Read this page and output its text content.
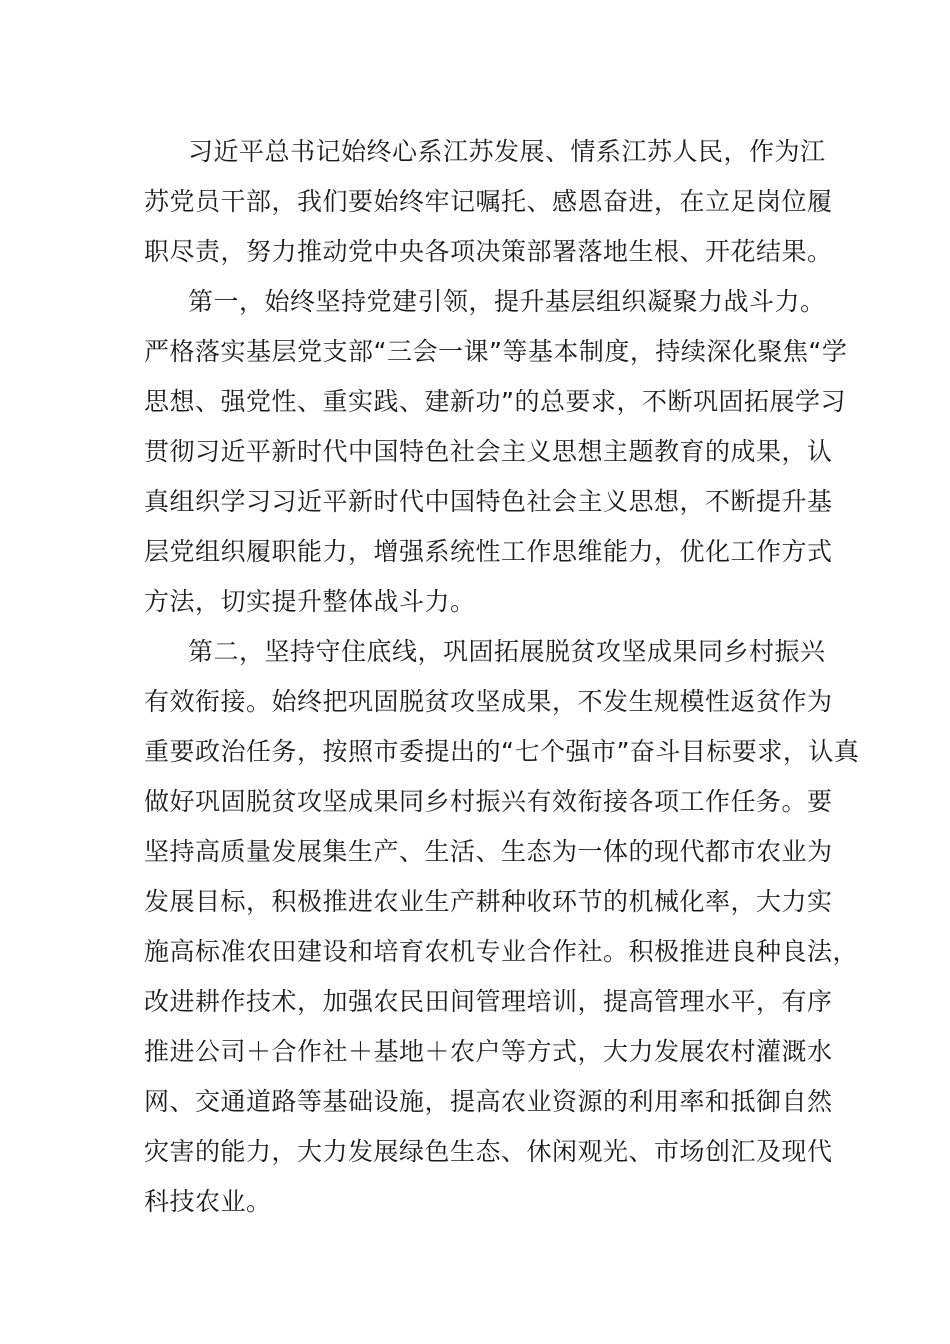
习近平总书记始终心系江苏发展、情系江苏人民，作为江
苏党员干部，我们要始终牢记嘱托、感恩奋进，在立足岗位履
职尽责，努力推动党中央各项决策部署落地生根、开花结果。
第一，始终坚持党建引领，提升基层组织凝聚力战斗力。
严格落实基层党支部“三会一课”等基本制度，持续深化聚焦“学
思想、强党性、重实践、建新功”的总要求，不断巩固拓展学习
贯彻习近平新时代中国特色社会主义思想主题教育的成果，认
真组织学习习近平新时代中国特色社会主义思想，不断提升基
层党组织履职能力，增强系统性工作思维能力，优化工作方式
方法，切实提升整体战斗力。
第二，坚持守住底线，巩固拓展脱贫攻坚成果同乡村振兴
有效衔接。始终把巩固脱贫攻坚成果，不发生规模性返贫作为
重要政治任务，按照市委提出的“七个强市”奋斗目标要求，认真
做好巩固脱贫攻坚成果同乡村振兴有效衔接各项工作任务。要
坚持高质量发展集生产、生活、生态为一体的现代都市农业为
发展目标，积极推进农业生产耕种收环节的机械化率，大力实
施高标准农田建设和培育农机专业合作社。积极推进良种良法，
改进耕作技术，加强农民田间管理培训，提高管理水平，有序
推进公司＋合作社＋基地＋农户等方式，大力发展农村灌溉水
网、交通道路等基础设施，提高农业资源的利用率和抵御自然
灾害的能力，大力发展绿色生态、休闲观光、市场创汇及现代
科技农业。
